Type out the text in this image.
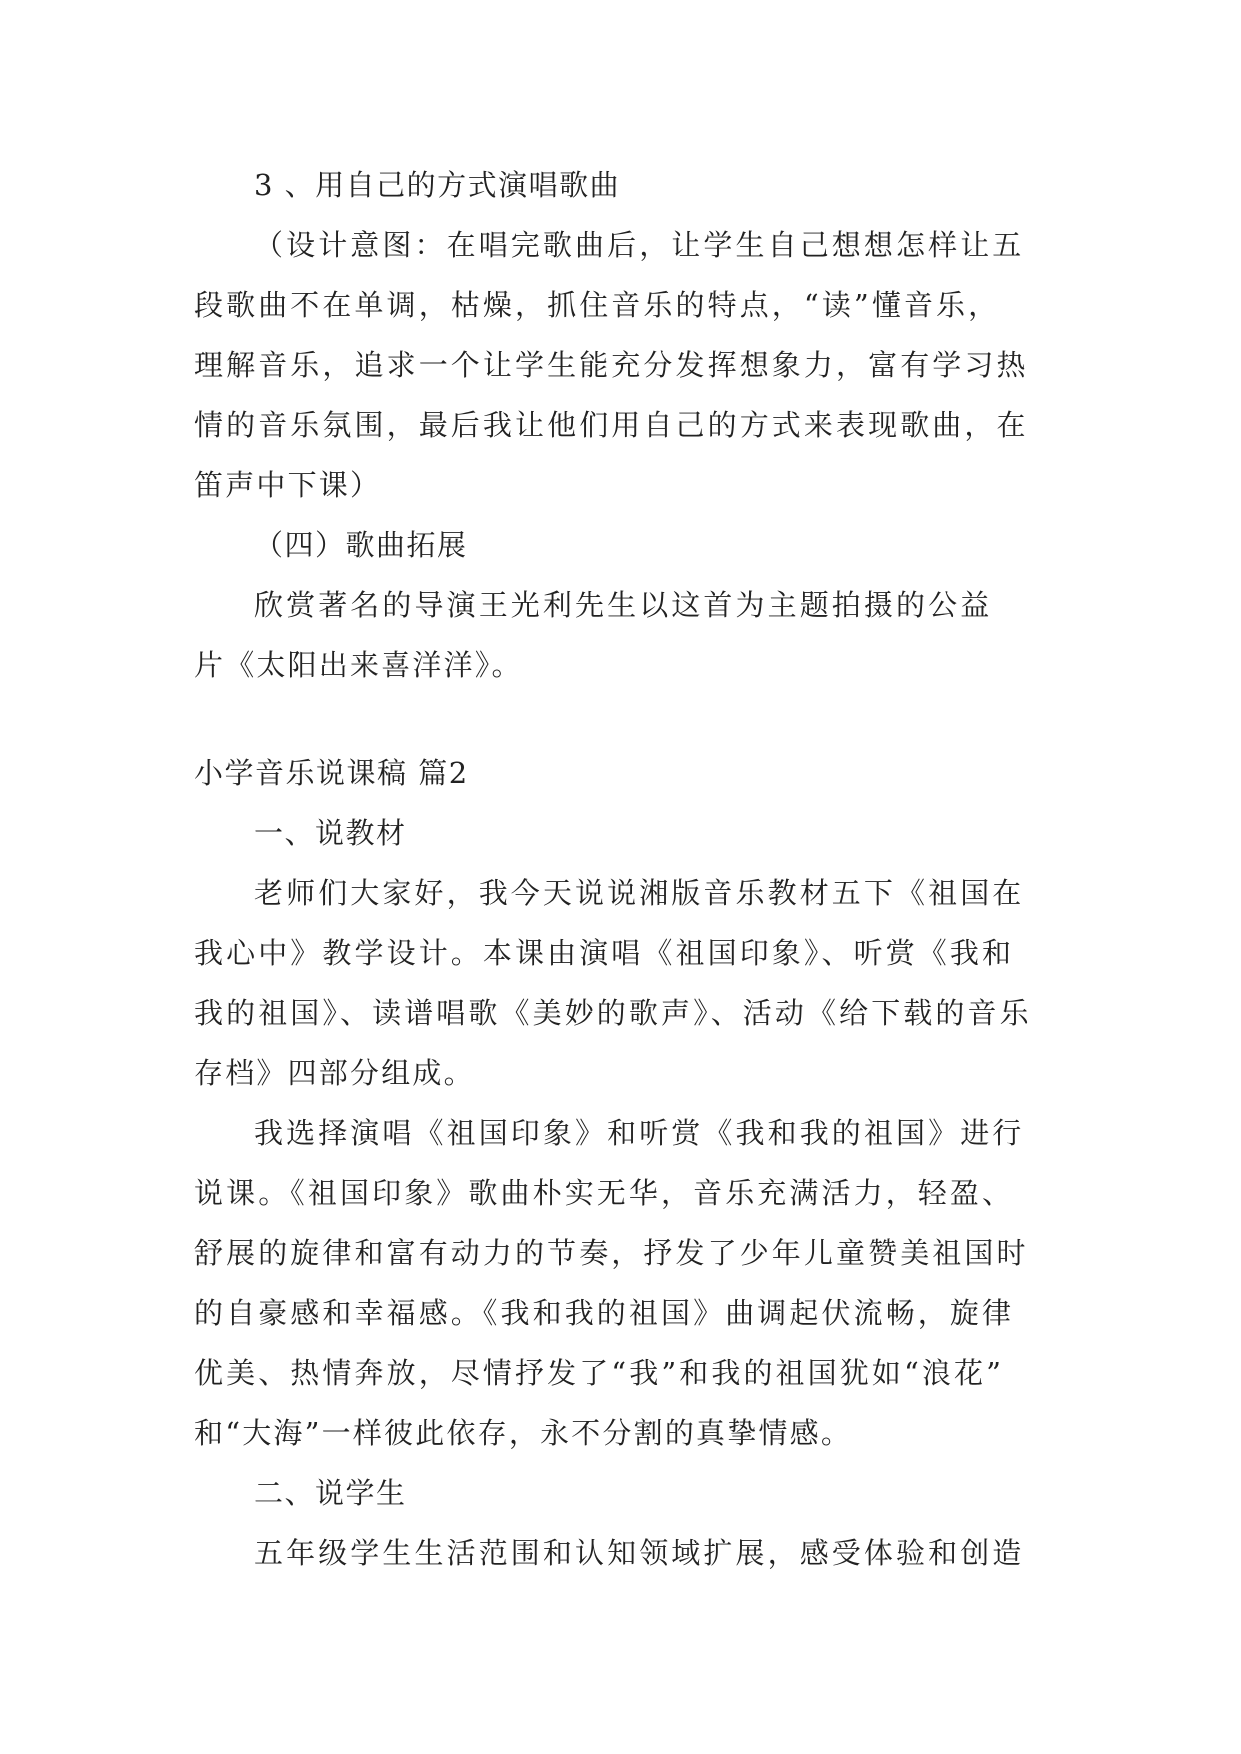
3 、用自己的方式演唱歌曲
（设计意图：在唱完歌曲后，让学生自己想想怎样让五
段歌曲不在单调，枯燥，抓住音乐的特点，“读”懂音乐，
理解音乐，追求一个让学生能充分发挥想象力，富有学习热
情的音乐氛围，最后我让他们用自己的方式来表现歌曲，在
笛声中下课）
（四）歌曲拓展
欣赏著名的导演王光利先生以这首为主题拍摄的公益
片《太阳出来喜洋洋》。
小学音乐说课稿 篇2
一、说教材
老师们大家好，我今天说说湘版音乐教材五下《祖国在
我心中》教学设计。本课由演唱《祖国印象》、听赏《我和
我的祖国》、读谱唱歌《美妙的歌声》、活动《给下载的音乐
存档》四部分组成。
我选择演唱《祖国印象》和听赏《我和我的祖国》进行
说课。《祖国印象》歌曲朴实无华，音乐充满活力，轻盈、
舒展的旋律和富有动力的节奏，抒发了少年儿童赞美祖国时
的自豪感和幸福感。《我和我的祖国》曲调起伏流畅，旋律
优美、热情奔放，尽情抒发了“我”和我的祖国犹如“浪花”
和“大海”一样彼此依存，永不分割的真挚情感。
二、说学生
五年级学生生活范围和认知领域扩展，感受体验和创造
